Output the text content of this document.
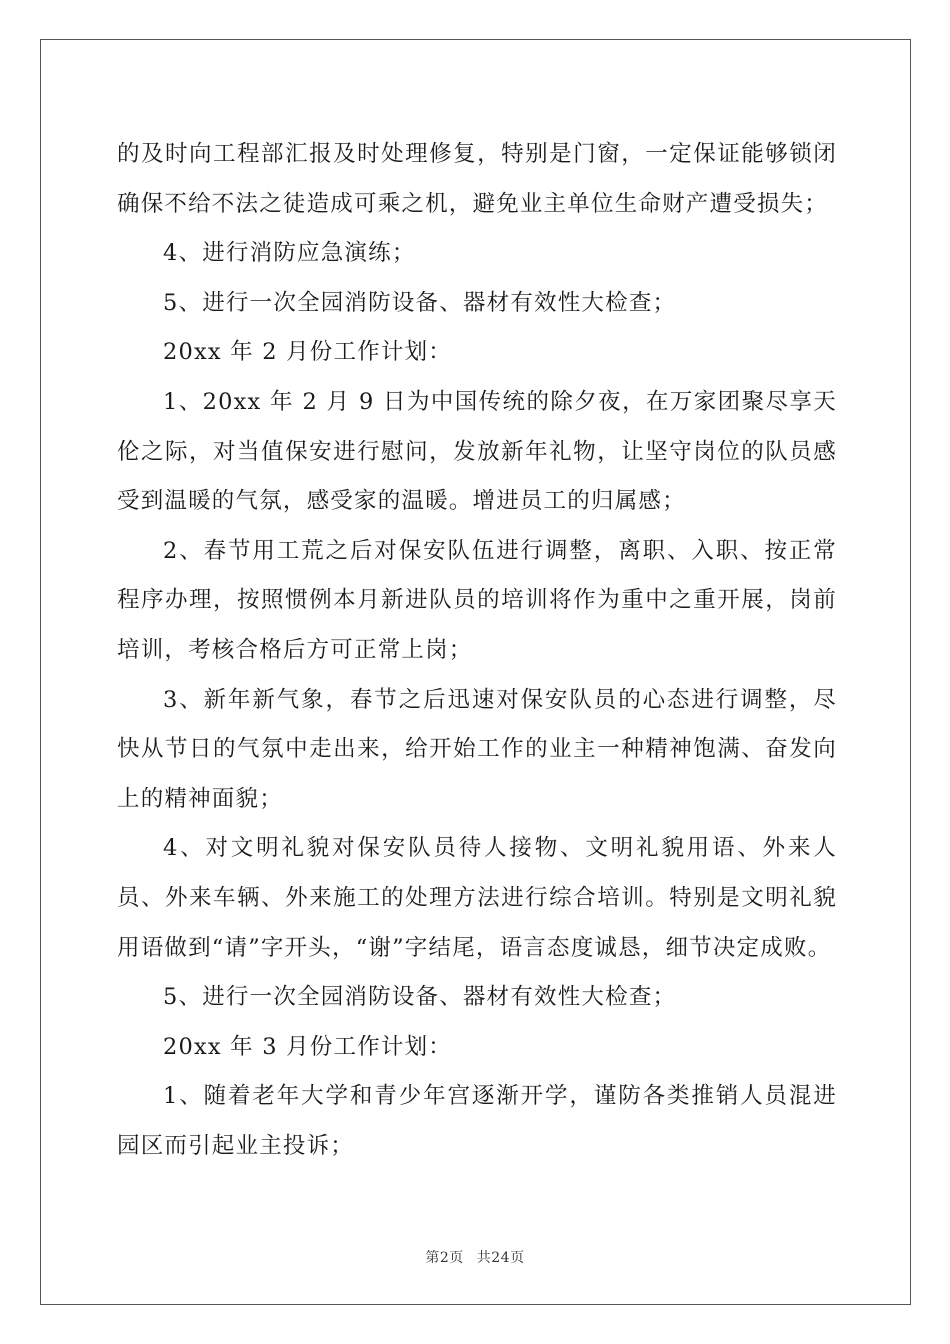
的及时向工程部汇报及时处理修复，特别是门窗，一定保证能够锁闭确保不给不法之徒造成可乘之机，避免业主单位生命财产遭受损失；

4、进行消防应急演练；

5、进行一次全园消防设备、器材有效性大检查；

20xx 年 2 月份工作计划：

1、20xx 年 2 月 9 日为中国传统的除夕夜，在万家团聚尽享天伦之际，对当值保安进行慰问，发放新年礼物，让坚守岗位的队员感受到温暖的气氛，感受家的温暖。增进员工的归属感；

2、春节用工荒之后对保安队伍进行调整，离职、入职、按正常程序办理，按照惯例本月新进队员的培训将作为重中之重开展，岗前培训，考核合格后方可正常上岗；

3、新年新气象，春节之后迅速对保安队员的心态进行调整，尽快从节日的气氛中走出来，给开始工作的业主一种精神饱满、奋发向上的精神面貌；

4、对文明礼貌对保安队员待人接物、文明礼貌用语、外来人员、外来车辆、外来施工的处理方法进行综合培训。特别是文明礼貌用语做到“请”字开头，“谢”字结尾，语言态度诚恳，细节决定成败。

5、进行一次全园消防设备、器材有效性大检查；

20xx 年 3 月份工作计划：

1、随着老年大学和青少年宫逐渐开学，谨防各类推销人员混进园区而引起业主投诉；

第2页 共24页
